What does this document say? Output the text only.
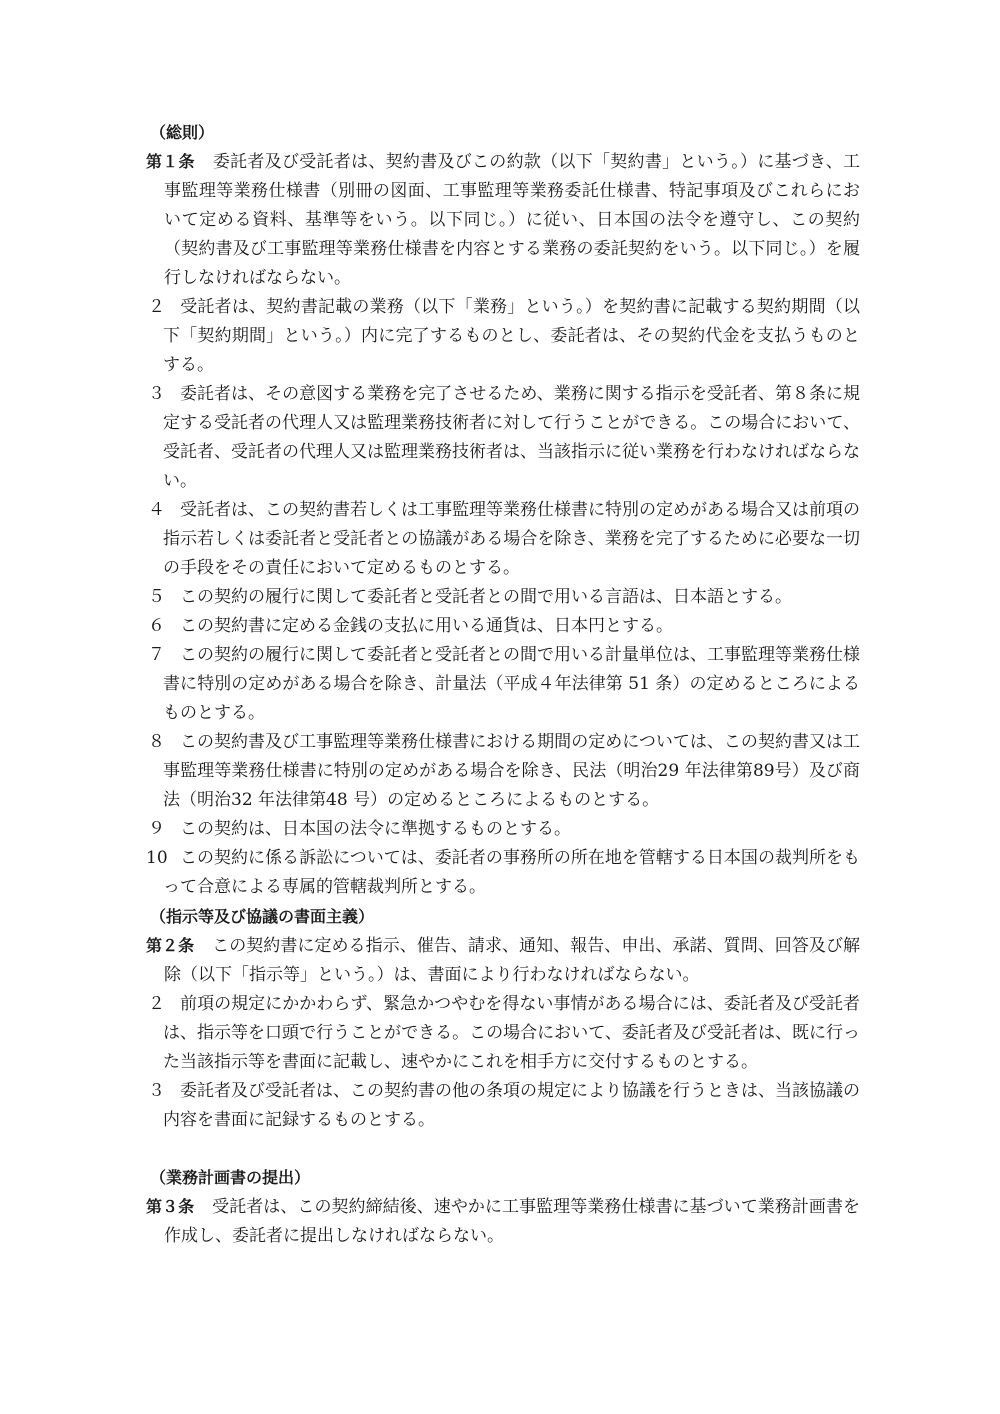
（総則）
第１条 委託者及び受託者は、契約書及びこの約款（以下「契約書」という。）に基づき、工事監理等業務仕様書（別冊の図面、工事監理等業務委託仕様書、特記事項及びこれらにおいて定める資料、基準等をいう。以下同じ。）に従い、日本国の法令を遵守し、この契約（契約書及び工事監理等業務仕様書を内容とする業務の委託契約をいう。以下同じ。）を履行しなければならない。
２ 受託者は、契約書記載の業務（以下「業務」という。）を契約書に記載する契約期間（以下「契約期間」という。）内に完了するものとし、委託者は、その契約代金を支払うものとする。
３ 委託者は、その意図する業務を完了させるため、業務に関する指示を受託者、第８条に規定する受託者の代理人又は監理業務技術者に対して行うことができる。この場合において、受託者、受託者の代理人又は監理業務技術者は、当該指示に従い業務を行わなければならない。
４ 受託者は、この契約書若しくは工事監理等業務仕様書に特別の定めがある場合又は前項の指示若しくは委託者と受託者との協議がある場合を除き、業務を完了するために必要な一切の手段をその責任において定めるものとする。
５ この契約の履行に関して委託者と受託者との間で用いる言語は、日本語とする。
６ この契約書に定める金銭の支払に用いる通貨は、日本円とする。
７ この契約の履行に関して委託者と受託者との間で用いる計量単位は、工事監理等業務仕様書に特別の定めがある場合を除き、計量法（平成４年法律第 51 条）の定めるところによるものとする。
８ この契約書及び工事監理等業務仕様書における期間の定めについては、この契約書又は工事監理等業務仕様書に特別の定めがある場合を除き、民法（明治29 年法律第89号）及び商法（明治32 年法律第48 号）の定めるところによるものとする。
９ この契約は、日本国の法令に準拠するものとする。
10 この契約に係る訴訟については、委託者の事務所の所在地を管轄する日本国の裁判所をもって合意による専属的管轄裁判所とする。
（指示等及び協議の書面主義）
第２条 この契約書に定める指示、催告、請求、通知、報告、申出、承諾、質問、回答及び解除（以下「指示等」という。）は、書面により行わなければならない。
２ 前項の規定にかかわらず、緊急かつやむを得ない事情がある場合には、委託者及び受託者は、指示等を口頭で行うことができる。この場合において、委託者及び受託者は、既に行った当該指示等を書面に記載し、速やかにこれを相手方に交付するものとする。
３ 委託者及び受託者は、この契約書の他の条項の規定により協議を行うときは、当該協議の内容を書面に記録するものとする。
（業務計画書の提出）
第３条 受託者は、この契約締結後、速やかに工事監理等業務仕様書に基づいて業務計画書を作成し、委託者に提出しなければならない。
